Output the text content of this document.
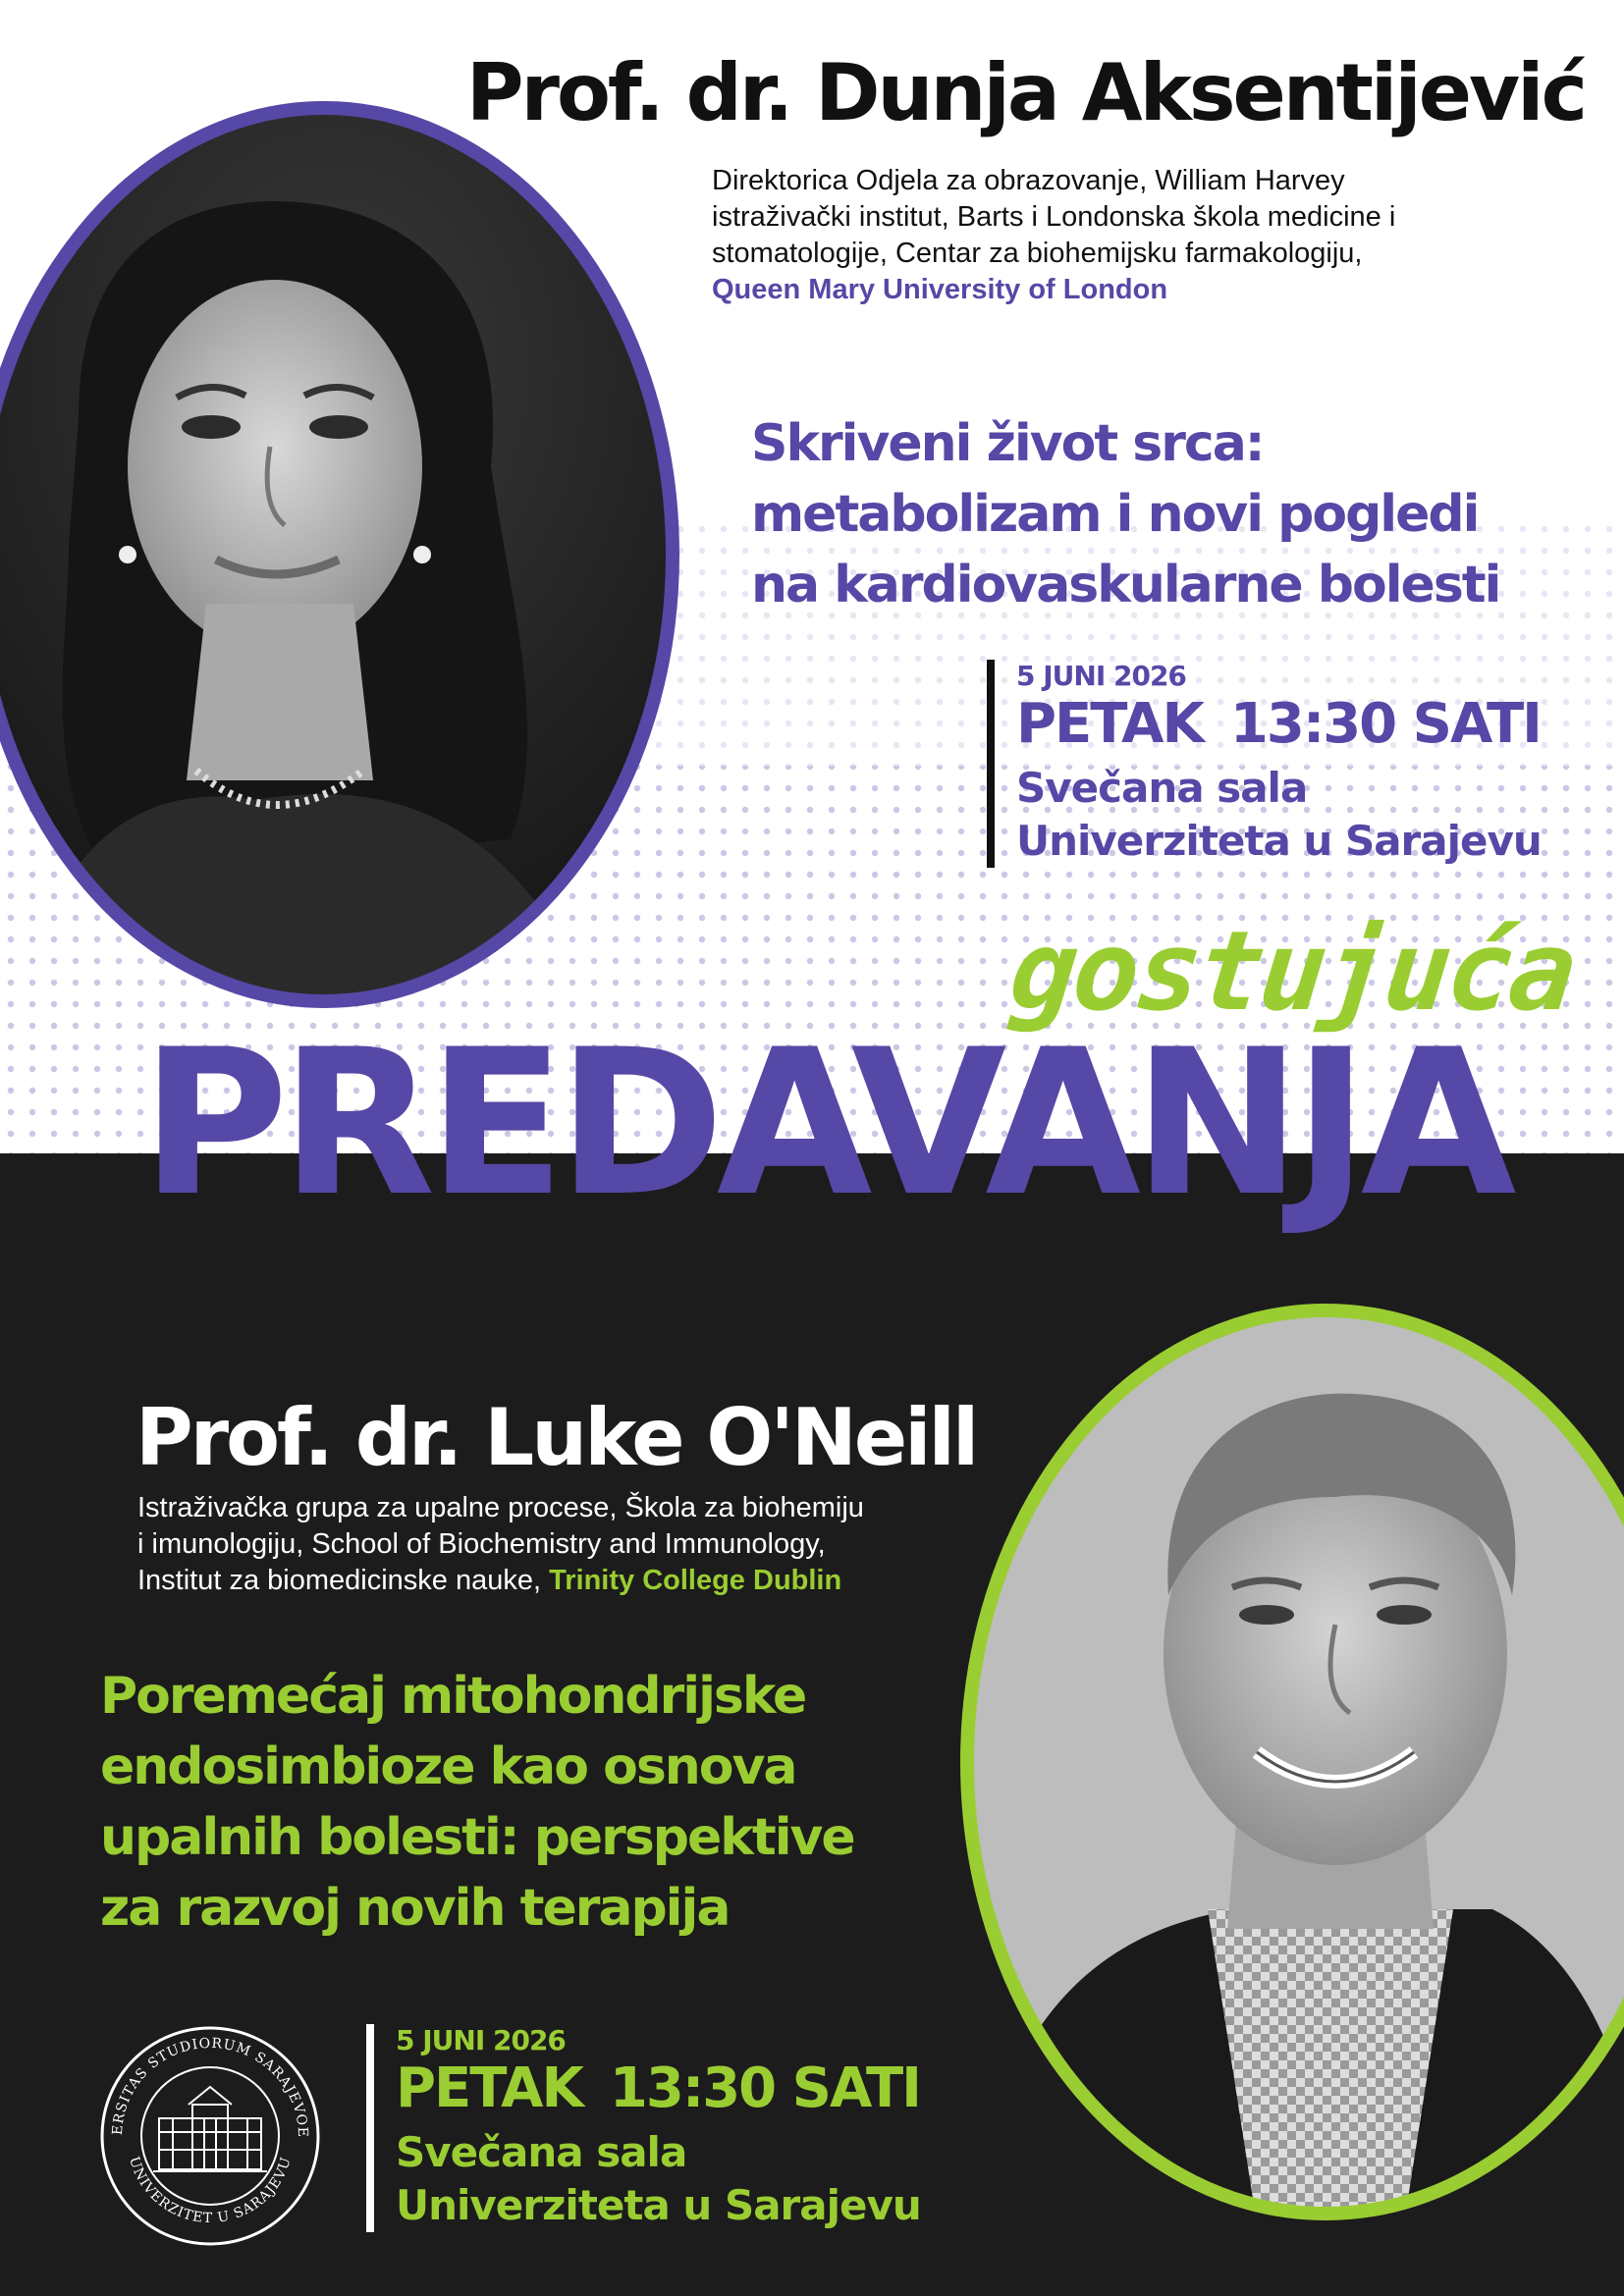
Prof. dr. Dunja Aksentijević
Direktorica Odjela za obrazovanje, William Harvey
istraživački institut, Barts i Londonska škola medicine i
stomatologije, Centar za biohemijsku farmakologiju,
Queen Mary University of London
Skriveni život srca:
metabolizam i novi pogledi
na kardiovaskularne bolesti
5 JUNI 2026
PETAK 13:30 SATI
Svečana sala
Univerziteta u Sarajevu
gostujuća
PREDAVANJA
Prof. dr. Luke O'Neill
Istraživačka grupa za upalne procese, Škola za biohemiju
i imunologiju, School of Biochemistry and Immunology,
Institut za biomedicinske nauke, Trinity College Dublin
Poremećaj mitohondrijske
endosimbioze kao osnova
upalnih bolesti: perspektive
za razvoj novih terapija
5 JUNI 2026
PETAK 13:30 SATI
Svečana sala
Univerziteta u Sarajevu
ERSITAS STUDIORUM SARAJEVOE
UNIVERZITET U SARAJEVU
